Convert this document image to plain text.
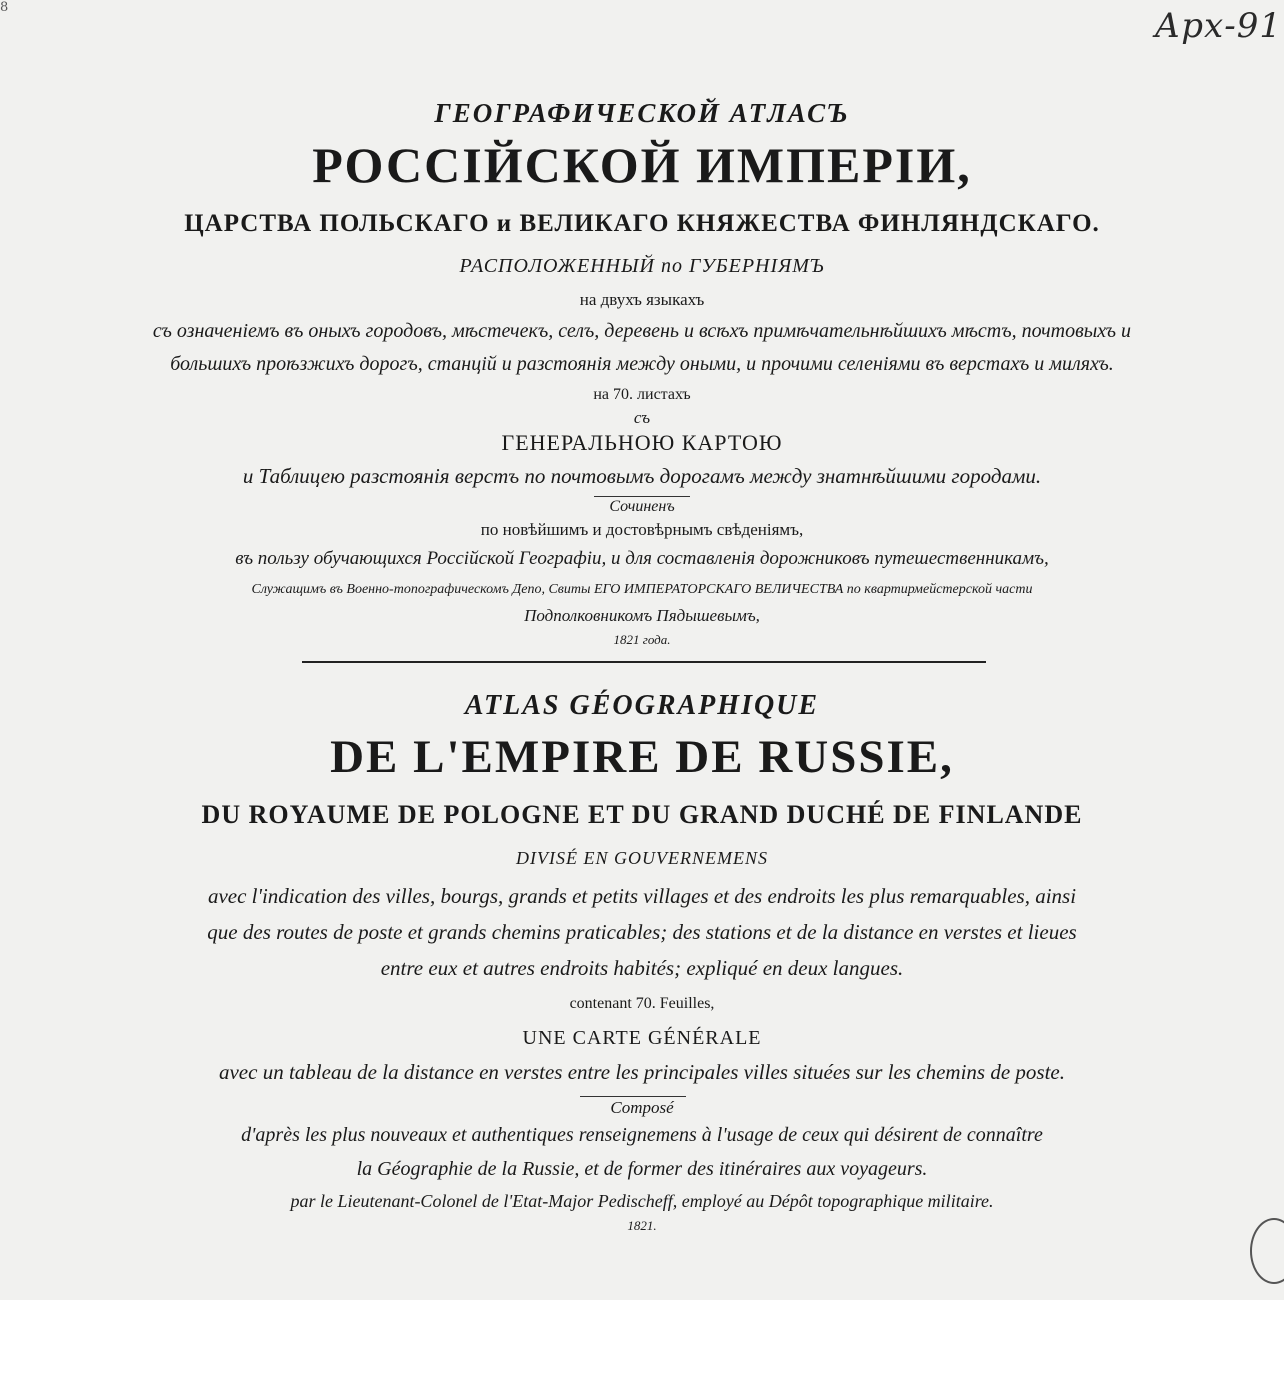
8	Арх-91
ГЕОГРАФИЧЕСКОЙ АТЛАСЪ
РОССІЙСКОЙ ИМПЕРІИ,
ЦАРСТВА ПОЛЬСКАГО и ВЕЛИКАГО КНЯЖЕСТВА ФИНЛЯНДСКАГО.
РАСПОЛОЖЕННЫЙ по ГУБЕРНІЯМЪ
на двухъ языкахъ
съ означеніемъ въ оныхъ городовъ, мѣстечекъ, селъ, деревень и всѣхъ примѣчательнѣйшихъ мѣстъ, почтовыхъ и
большихъ проѣзжихъ дорогъ, станцій и разстоянія между оными, и прочими селеніями въ верстахъ и миляхъ.
на 70. листахъ
съ
ГЕНЕРАЛЬНОЮ КАРТОЮ
и Таблицею разстоянія верстъ по почтовымъ дорогамъ между знатнѣйшими городами.
Сочиненъ
по новѣйшимъ и достовѣрнымъ свѣденіямъ,
въ пользу обучающихся Россійской Географіи, и для составленія дорожниковъ путешественникамъ,
Служащимъ въ Военно-топографическомъ Депо, Свиты ЕГО ИМПЕРАТОРСКАГО ВЕЛИЧЕСТВА по квартирмейстерской части
Подполковникомъ Пядышевымъ,
1821 года.
ATLAS GÉOGRAPHIQUE
DE L'EMPIRE DE RUSSIE,
DU ROYAUME DE POLOGNE ET DU GRAND DUCHÉ DE FINLANDE
DIVISÉ EN GOUVERNEMENS
avec l'indication des villes, bourgs, grands et petits villages et des endroits les plus remarquables, ainsi
que des routes de poste et grands chemins praticables; des stations et de la distance en verstes et lieues
entre eux et autres endroits habités; expliqué en deux langues.
contenant 70. Feuilles,
UNE CARTE GÉNÉRALE
avec un tableau de la distance en verstes entre les principales villes situées sur les chemins de poste.
Composé
d'après les plus nouveaux et authentiques renseignemens à l'usage de ceux qui désirent de connaître
la Géographie de la Russie, et de former des itinéraires aux voyageurs.
par le Lieutenant-Colonel de l'Etat-Major Pedischeff, employé au Dépôt topographique militaire.
1821.
